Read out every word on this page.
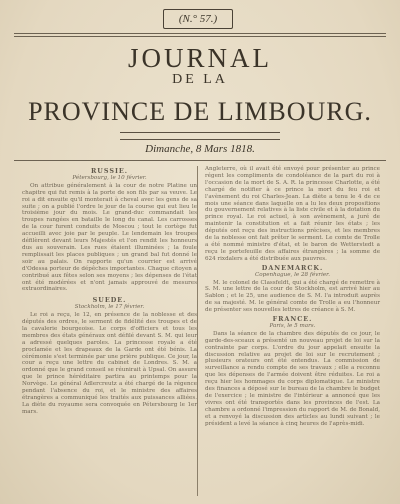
(N.° 57.)
JOURNAL
DE LA
PROVINCE DE LIMBOURG.
Dimanche, 8 Mars 1818.
RUSSIE.
Pétersbourg, le 10 février.

On attribue généralement à la cour de notre Platine un chapitre qui fut remis à la porte de son fils par sa veuve. Le roi a dit ensuite qu'il monterait à cheval avec les gens de sa suite ; on a publié l'ordre le jour de la course qui eut lieu le troisième jour du mois. Le grand-duc commandait les troupes rangées en bataille le long du canal. Les carrosses de la cour furent conduits de Moscou ; tout le cortège fut accueilli avec joie par le peuple. Le lendemain les troupes défilèrent devant leurs Majestés et l'on rendit les honneurs dus au souverain. Les rues étaient illuminées ; la foule remplissait les places publiques ; un grand bal fut donné le soir au palais. On rapporte qu'un courrier est arrivé d'Odessa porteur de dépêches importantes. Chaque citoyen a contribué aux fêtes selon ses moyens ; les dépenses de l'état ont été modérées et n'ont jamais approuvé de mesures extraordinaires.

SUEDE.
Stockholm, le 17 février.

Le roi a reçu, le 12, en présence de la noblesse et des députés des ordres, le serment de fidélité des troupes et de la cavalerie bourgeoise. Le corps d'officiers et tous les membres des états généraux ont défilé devant S. M. qui leur a adressé quelques paroles. La princesse royale a été proclamée et les drapeaux de la Garde ont été bénis. La cérémonie s'est terminée par une prière publique. Ce jour, la cour a reçu une lettre du cabinet de Londres. S. M. a ordonné que le grand conseil se réunirait à Upsal. On assure que le prince héréditaire partira au printemps pour la Norvège. Le général Adlercreutz a été chargé de la régence pendant l'absence du roi, et le ministre des affaires étrangères a communiqué les traités aux puissances alliées. La diète du royaume sera convoquée en Pétersbourg le 1er mars.

Angleterre, où il avait été envoyé pour présenter au prince régent les compliments de condoléance de la part du roi à l'occasion de la mort de S. A. R. la princesse Charlotte, a été chargé de notifier à ce prince la mort du feu roi et l'avènement du roi Charles-Jean. La diète a tenu le 4 de ce mois une séance dans laquelle on a lu les deux propositions du gouvernement relatives à la liste civile et à la dotation du prince royal. Le roi actuel, à son avènement, a juré de maintenir la constitution et a fait réunir les états ; les députés ont reçu des instructions précises, et les membres de la noblesse ont fait prêter le serment. Le comte de Trolle a été nommé ministre d'état, et le baron de Wetterstedt a reçu le portefeuille des affaires étrangères ; la somme de 624 rixdalers a été distribuée aux pauvres.

DANEMARCK.
Copenhague, le 28 février.

M. le colonel de Classfeldt, qui a été chargé de remettre à S. M. une lettre de la cour de Stockholm, est arrivé hier au Sablon ; et le 25, une audience de S. M. l'a introduit auprès de sa majesté. M. le général comte de Trolle a eu l'honneur de présenter ses nouvelles lettres de créance à S. M.

FRANCE.
Paris, le 5 mars.

Dans la séance de la chambre des députés de ce jour, le garde-des-sceaux a présenté un nouveau projet de loi sur la contrainte par corps. L'ordre du jour appelait ensuite la discussion relative au projet de loi sur le recrutement ; plusieurs orateurs ont été entendus. La commission de surveillance a rendu compte de ses travaux ; elle a reconnu que les dépenses de l'armée doivent être réduites. Le roi a reçu hier les hommages du corps diplomatique. Le ministre des finances a déposé sur le bureau de la chambre le budget de l'exercice ; le ministre de l'intérieur a annoncé que les vivres ont été transportés dans les provinces de l'est. La chambre a ordonné l'impression du rapport de M. de Bonald, et a renvoyé la discussion des articles au lundi suivant ; le président a levé la séance à cinq heures de l'après-midi.
